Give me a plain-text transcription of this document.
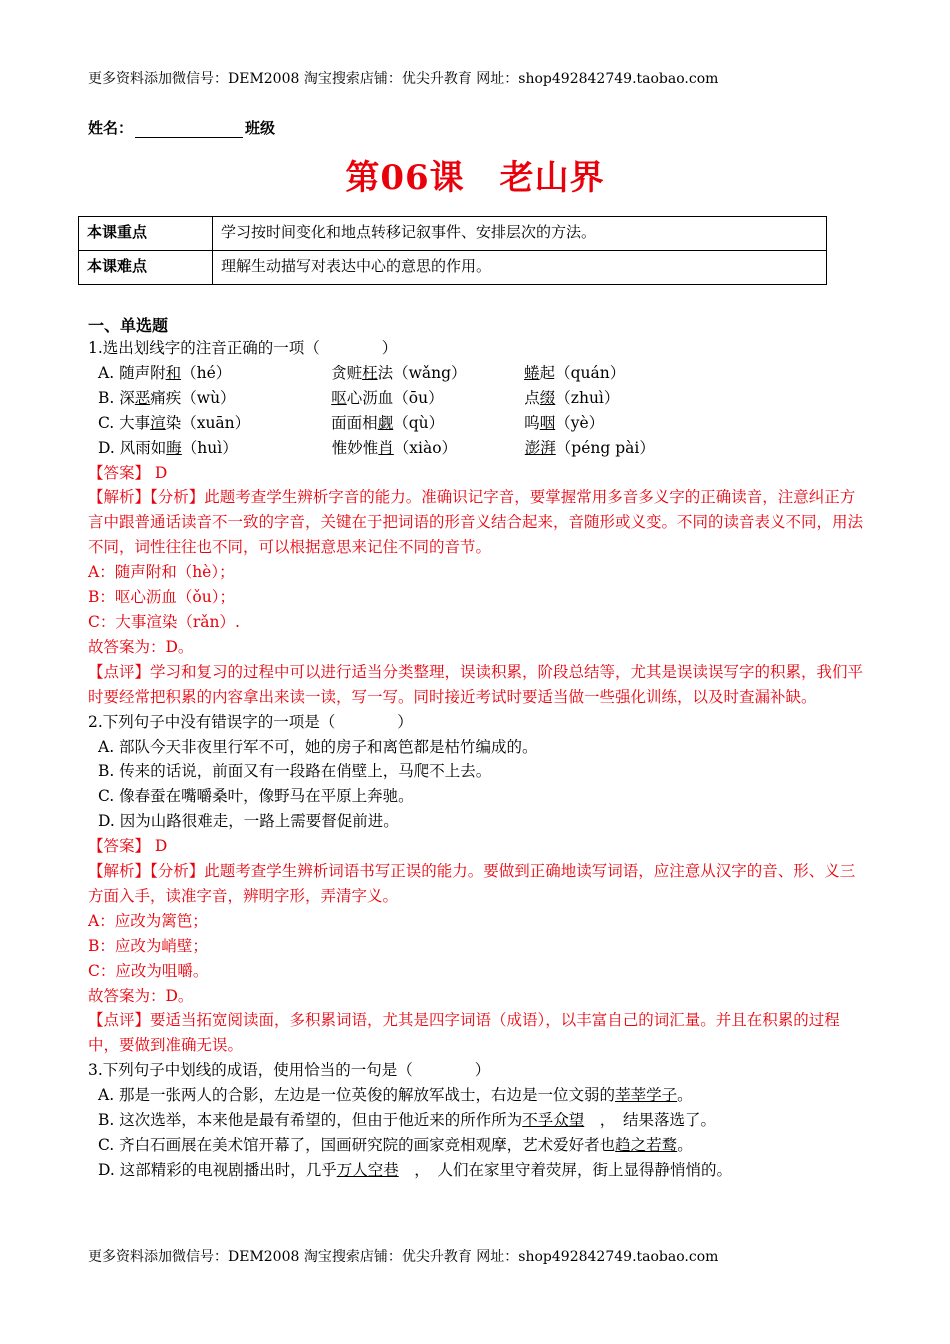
更多资料添加微信号：DEM2008 淘宝搜索店铺：优尖升教育 网址：shop492842749.taobao.com
姓名：	班级
第06课　老山界
本课重点	学习按时间变化和地点转移记叙事件、安排层次的方法。
本课难点	理解生动描写对表达中心的意思的作用。
一、单选题

1.选出划线字的注音正确的一项（　　　　）

A. 随声附和（hé）	贪赃枉法（wǎng）	蜷起（quán）

B. 深恶痛疾（wù）	呕心沥血（ōu）	点缀（zhuì）

C. 大事渲染（xuān）	面面相觑（qù）	呜咽（yè）

D. 风雨如晦（huì）	惟妙惟肖（xiào）	澎湃（péng pài）

【答案】 D

【解析】【分析】此题考查学生辨析字音的能力。准确识记字音，要掌握常用多音多义字的正确读音，注意纠正方言中跟普通话读音不一致的字音，关键在于把词语的形音义结合起来，音随形或义变。不同的读音表义不同，用法不同，词性往往也不同，可以根据意思来记住不同的音节。

A：随声附和（hè）；

B：呕心沥血（ǒu）；

C：大事渲染（rǎn）.

故答案为：D。

【点评】学习和复习的过程中可以进行适当分类整理，误读积累，阶段总结等，尤其是误读误写字的积累，我们平时要经常把积累的内容拿出来读一读，写一写。同时接近考试时要适当做一些强化训练，以及时查漏补缺。

2.下列句子中没有错误字的一项是（　　　　）

A. 部队今天非夜里行军不可，她的房子和离笆都是枯竹编成的。

B. 传来的话说，前面又有一段路在俏壁上，马爬不上去。

C. 像春蚕在嘴嚼桑叶，像野马在平原上奔驰。

D. 因为山路很难走，一路上需要督促前进。

【答案】 D

【解析】【分析】此题考查学生辨析词语书写正误的能力。要做到正确地读写词语，应注意从汉字的音、形、义三方面入手，读准字音，辨明字形，弄清字义。

A：应改为篱笆；

B：应改为峭壁；

C：应改为咀嚼。

故答案为：D。

【点评】要适当拓宽阅读面，多积累词语，尤其是四字词语（成语），以丰富自己的词汇量。并且在积累的过程中，要做到准确无误。

3.下列句子中划线的成语，使用恰当的一句是（　　　　）

A. 那是一张两人的合影，左边是一位英俊的解放军战士，右边是一位文弱的莘莘学子。

B. 这次选举，本来他是最有希望的，但由于他近来的所作所为不孚众望　，　结果落选了。

C. 齐白石画展在美术馆开幕了，国画研究院的画家竞相观摩，艺术爱好者也趋之若鹜。

D. 这部精彩的电视剧播出时，几乎万人空巷　，　人们在家里守着荧屏，街上显得静悄悄的。

更多资料添加微信号：DEM2008 淘宝搜索店铺：优尖升教育 网址：shop492842749.taobao.com
